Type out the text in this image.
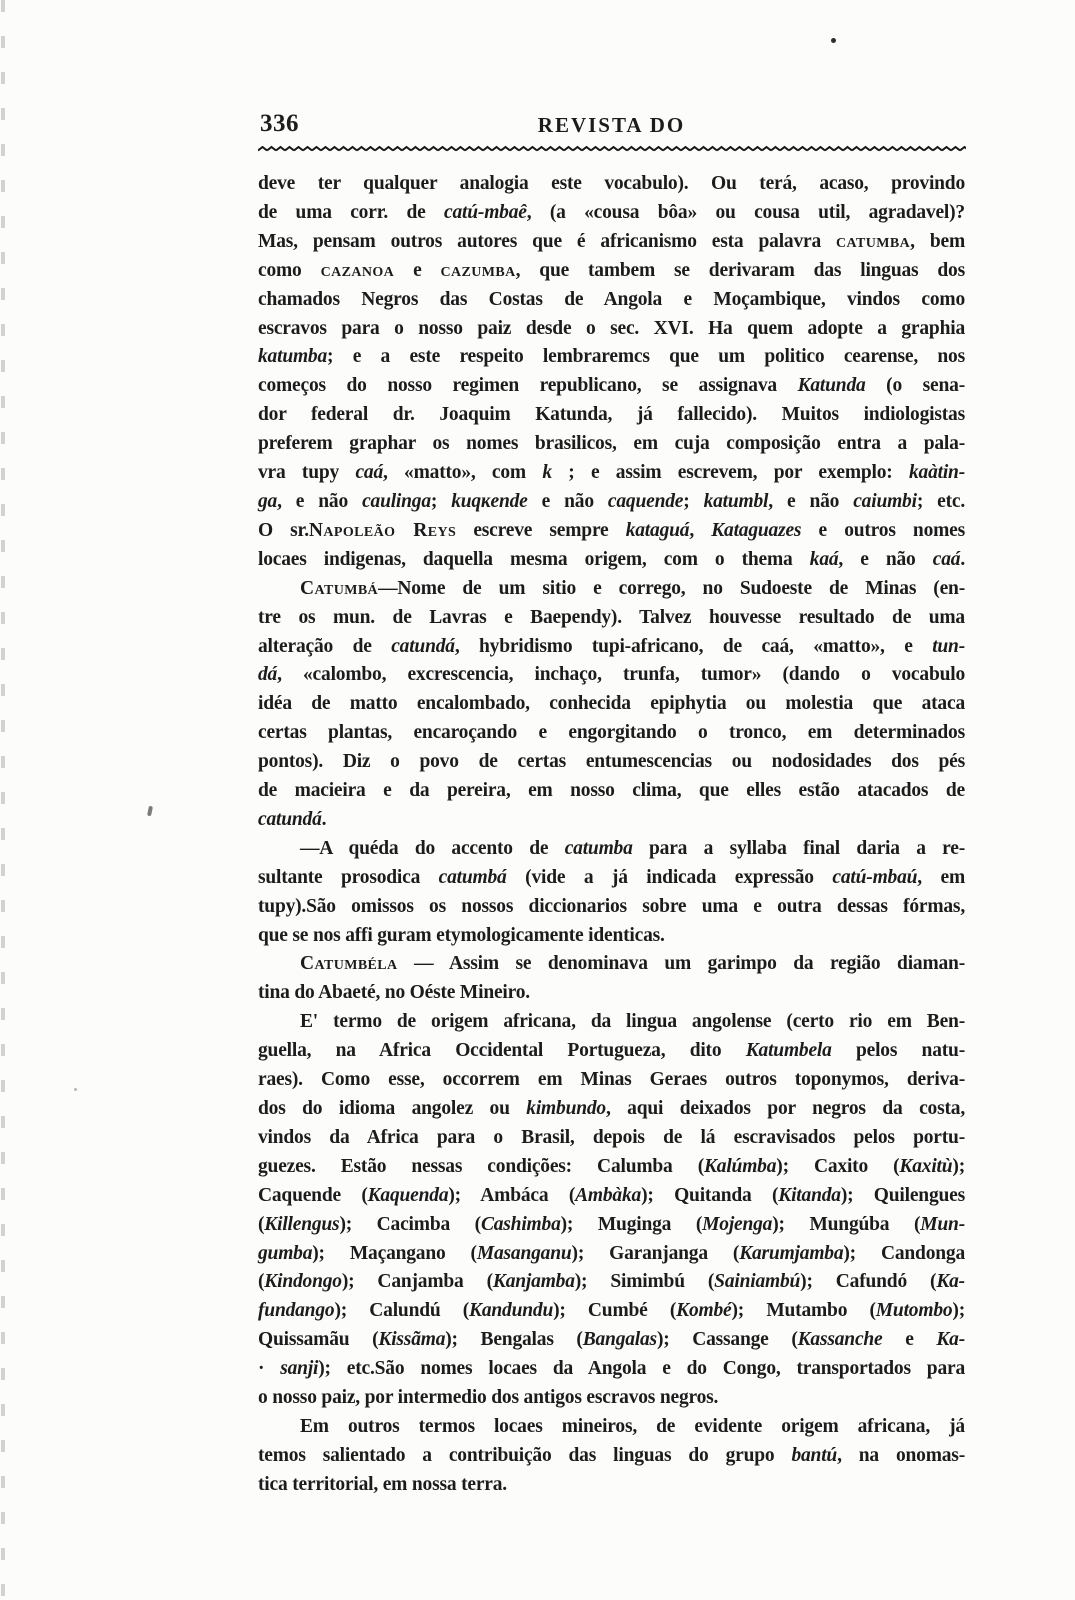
336	REVISTA DO
deve ter qualquer analogia este vocabulo). Ou terá, acaso, provindo
de uma corr. de catú-mbaê, (a «cousa bôa» ou cousa util, agradavel)?
Mas, pensam outros autores que é africanismo esta palavra catumba, bem
como cazanoa e cazumba, que tambem se derivaram das linguas dos
chamados Negros das Costas de Angola e Moçambique, vindos como
escravos para o nosso paiz desde o sec. XVI. Ha quem adopte a graphia
katumba; e a este respeito lembraremcs que um politico cearense, nos
começos do nosso regimen republicano, se assignava Katunda (o sena-
dor federal dr. Joaquim Katunda, já fallecido). Muitos indiologistas
preferem graphar os nomes brasilicos, em cuja composição entra a pala-
vra tupy caá, «matto», com k ; e assim escrevem, por exemplo: kaàtin-
ga, e não caulinga; kuqĸende e não caquende; katumbl, e não caiumbi; etc.
O sr.Napoleão Reys escreve sempre kataguá, Kataguazes e outros nomes
locaes indigenas, daquella mesma origem, com o thema kaá, e não caá.
Catumbá—Nome de um sitio e corrego, no Sudoeste de Minas (en-
tre os mun. de Lavras e Baependy). Talvez houvesse resultado de uma
alteração de catundá, hybridismo tupi-africano, de caá, «matto», e tun-
dá, «calombo, excrescencia, inchaço, trunfa, tumor» (dando o vocabulo
idéa de matto encalombado, conhecida epiphytia ou molestia que ataca
certas plantas, encaroçando e engorgitando o tronco, em determinados
pontos). Diz o povo de certas entumescencias ou nodosidades dos pés
de macieira e da pereira, em nosso clima, que elles estão atacados de
catundá.
—A quéda do accento de catumba para a syllaba final daria a re-
sultante prosodica catumbá (vide a já indicada expressão catú-mbaú, em
tupy).São omissos os nossos diccionarios sobre uma e outra dessas fórmas,
que se nos affi guram etymologicamente identicas.
Catumbéla — Assim se denominava um garimpo da região diaman-
tina do Abaeté, no Oéste Mineiro.
E' termo de origem africana, da lingua angolense (certo rio em Ben-
guella, na Africa Occidental Portugueza, dito Katumbela pelos natu-
raes). Como esse, occorrem em Minas Geraes outros toponymos, deriva-
dos do idioma angolez ou kimbundo, aqui deixados por negros da costa,
vindos da Africa para o Brasil, depois de lá escravisados pelos portu-
guezes. Estão nessas condições: Calumba (Kalúmba); Caxito (Kaxitù);
Caquende (Kaquenda); Ambáca (Ambàka); Quitanda (Kitanda); Quilengues
(Killengus); Cacimba (Cashimba); Muginga (Mojenga); Mungúba (Mun-
gumba); Maçangano (Masanganu); Garanjanga (Karumjamba); Candonga
(Kindongo); Canjamba (Kanjamba); Simimbú (Sainiambú); Cafundó (Ka-
fundango); Calundú (Kandundu); Cumbé (Kombé); Mutambo (Mutombo);
Quissamãu (Kissãma); Bengalas (Bangalas); Cassange (Kassanche e Ka-
· sanji); etc.São nomes locaes da Angola e do Congo, transportados para
o nosso paiz, por intermedio dos antigos escravos negros.
Em outros termos locaes mineiros, de evidente origem africana, já
temos salientado a contribuição das linguas do grupo bantú, na onomas-
tica territorial, em nossa terra.
